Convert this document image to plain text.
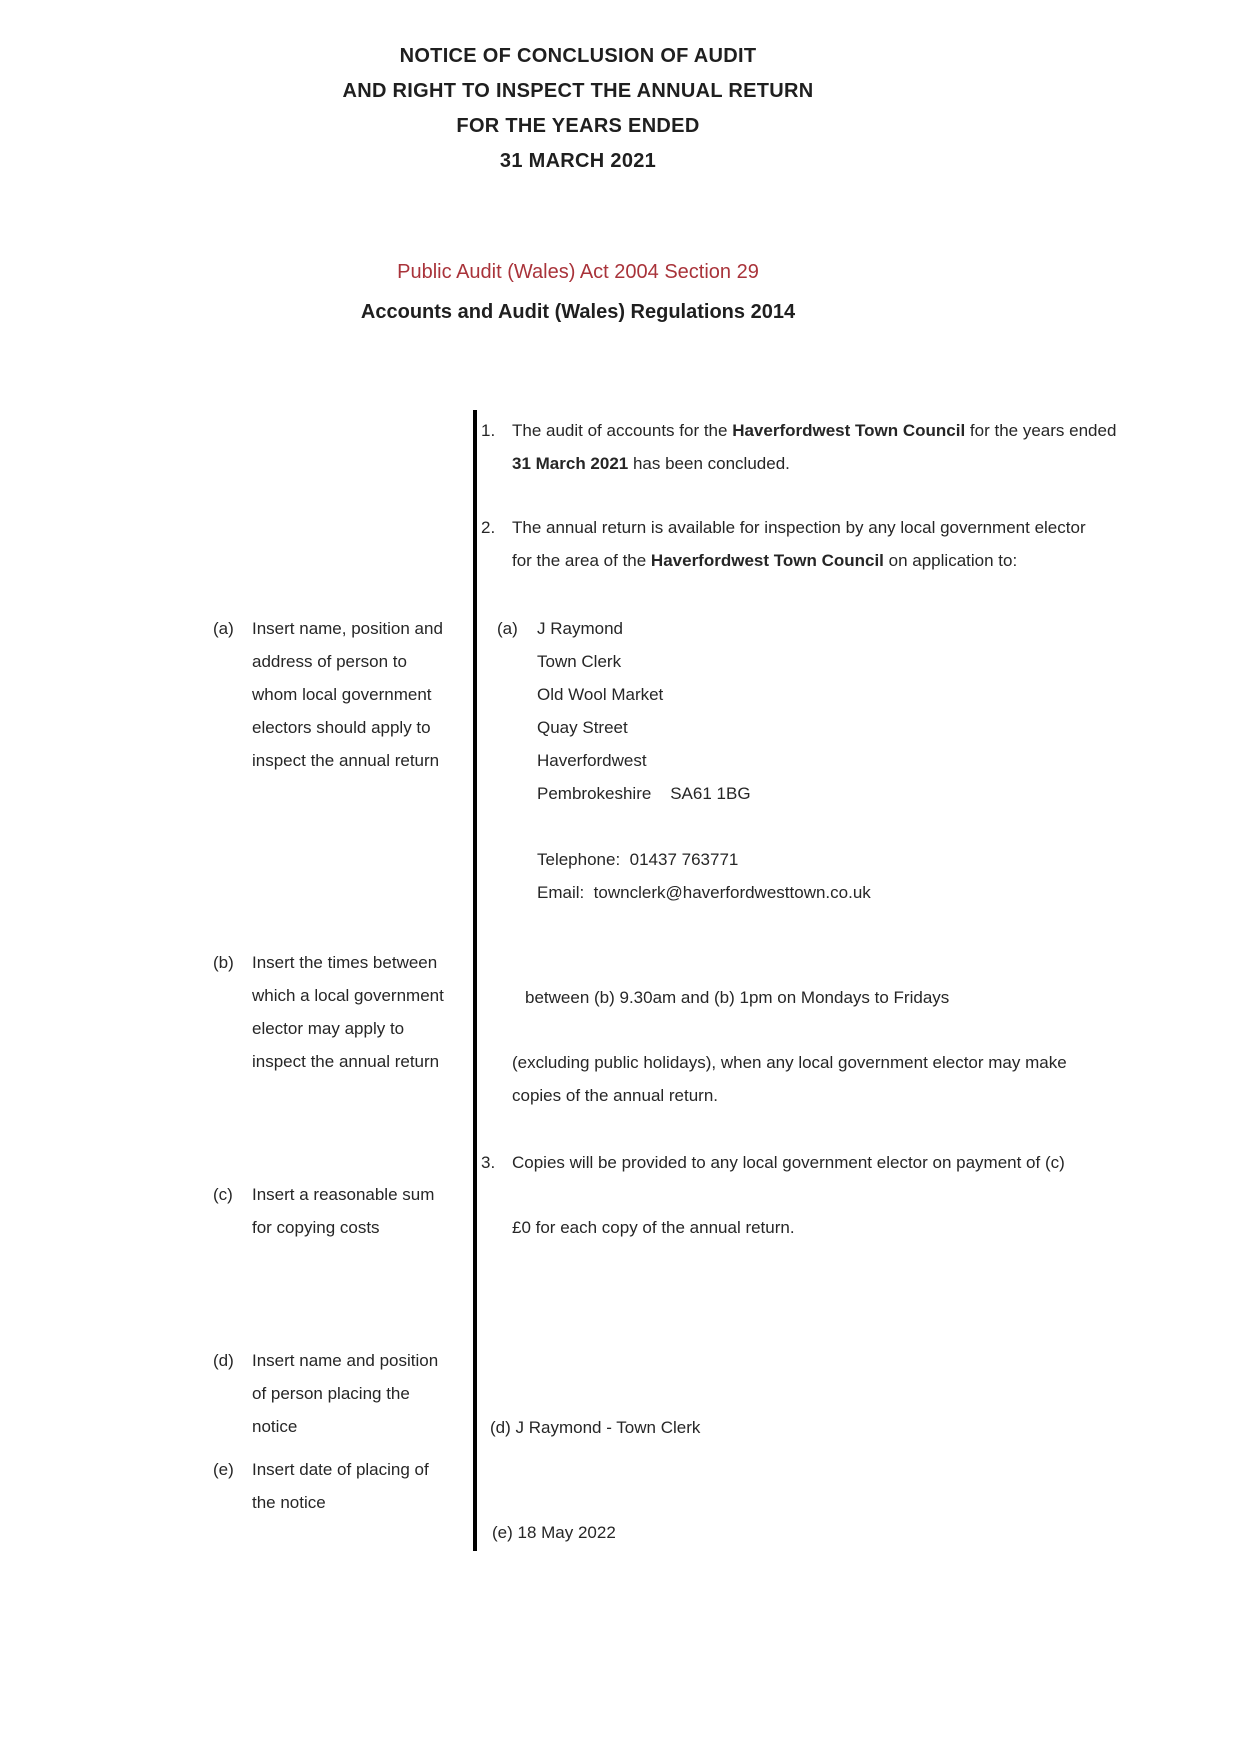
NOTICE OF CONCLUSION OF AUDIT
AND RIGHT TO INSPECT THE ANNUAL RETURN
FOR THE YEARS ENDED
31 MARCH 2021
Public Audit (Wales) Act 2004 Section 29
Accounts and Audit (Wales) Regulations 2014
(a) Insert name, position and
address of person to
whom local government
electors should apply to
inspect the annual return
(b) Insert the times between
which a local government
elector may apply to
inspect the annual return
(c) Insert a reasonable sum
for copying costs
(d) Insert name and position
of person placing the
notice
(e) Insert date of placing of
the notice
1. The audit of accounts for the Haverfordwest Town Council for the years ended
31 March 2021 has been concluded.
2. The annual return is available for inspection by any local government elector
for the area of the Haverfordwest Town Council on application to:
(a) J Raymond
Town Clerk
Old Wool Market
Quay Street
Haverfordwest
Pembrokeshire    SA61 1BG
Telephone:  01437 763771
Email:  townclerk@haverfordwesttown.co.uk
between (b) 9.30am and (b) 1pm on Mondays to Fridays
(excluding public holidays), when any local government elector may make
copies of the annual return.
3. Copies will be provided to any local government elector on payment of (c)
£0 for each copy of the annual return.
(d) J Raymond - Town Clerk
(e) 18 May 2022
